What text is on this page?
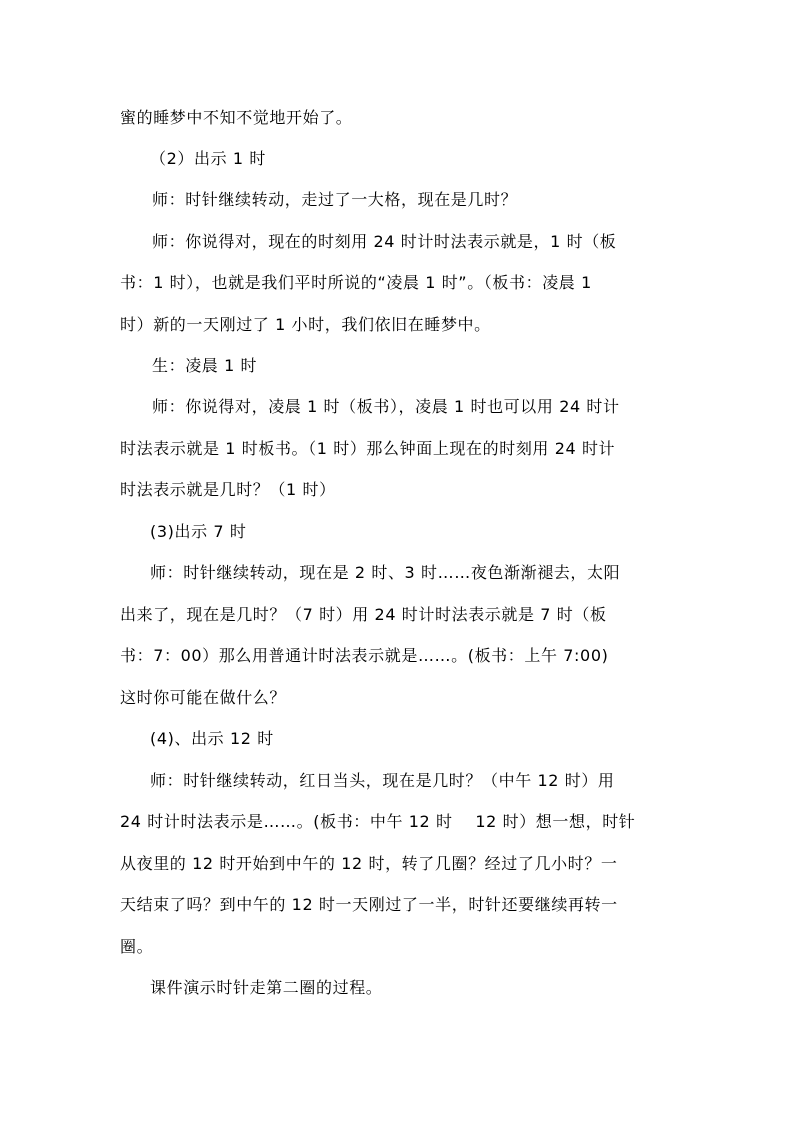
蜜的睡梦中不知不觉地开始了。
（2）出示 1 时
师：时针继续转动，走过了一大格，现在是几时？
师：你说得对，现在的时刻用 24 时计时法表示就是，1 时（板
书：1 时），也就是我们平时所说的“凌晨 1 时”。（板书：凌晨 1
时）新的一天刚过了 1 小时，我们依旧在睡梦中。
生：凌晨 1 时
师：你说得对，凌晨 1 时（板书），凌晨 1 时也可以用 24 时计
时法表示就是 1 时板书。（1 时）那么钟面上现在的时刻用 24 时计
时法表示就是几时？（1 时）
(3)出示 7 时
师：时针继续转动，现在是 2 时、3 时……夜色渐渐褪去，太阳
出来了，现在是几时？（7 时）用 24 时计时法表示就是 7 时（板
书：7：00）那么用普通计时法表示就是……。(板书：上午 7:00)
这时你可能在做什么？
(4)、出示 12 时
师：时针继续转动，红日当头，现在是几时？（中午 12 时）用
24 时计时法表示是……。(板书：中午 12 时    12 时）想一想，时针
从夜里的 12 时开始到中午的 12 时，转了几圈？经过了几小时？一
天结束了吗？到中午的 12 时一天刚过了一半，时针还要继续再转一
圈。
课件演示时针走第二圈的过程。
